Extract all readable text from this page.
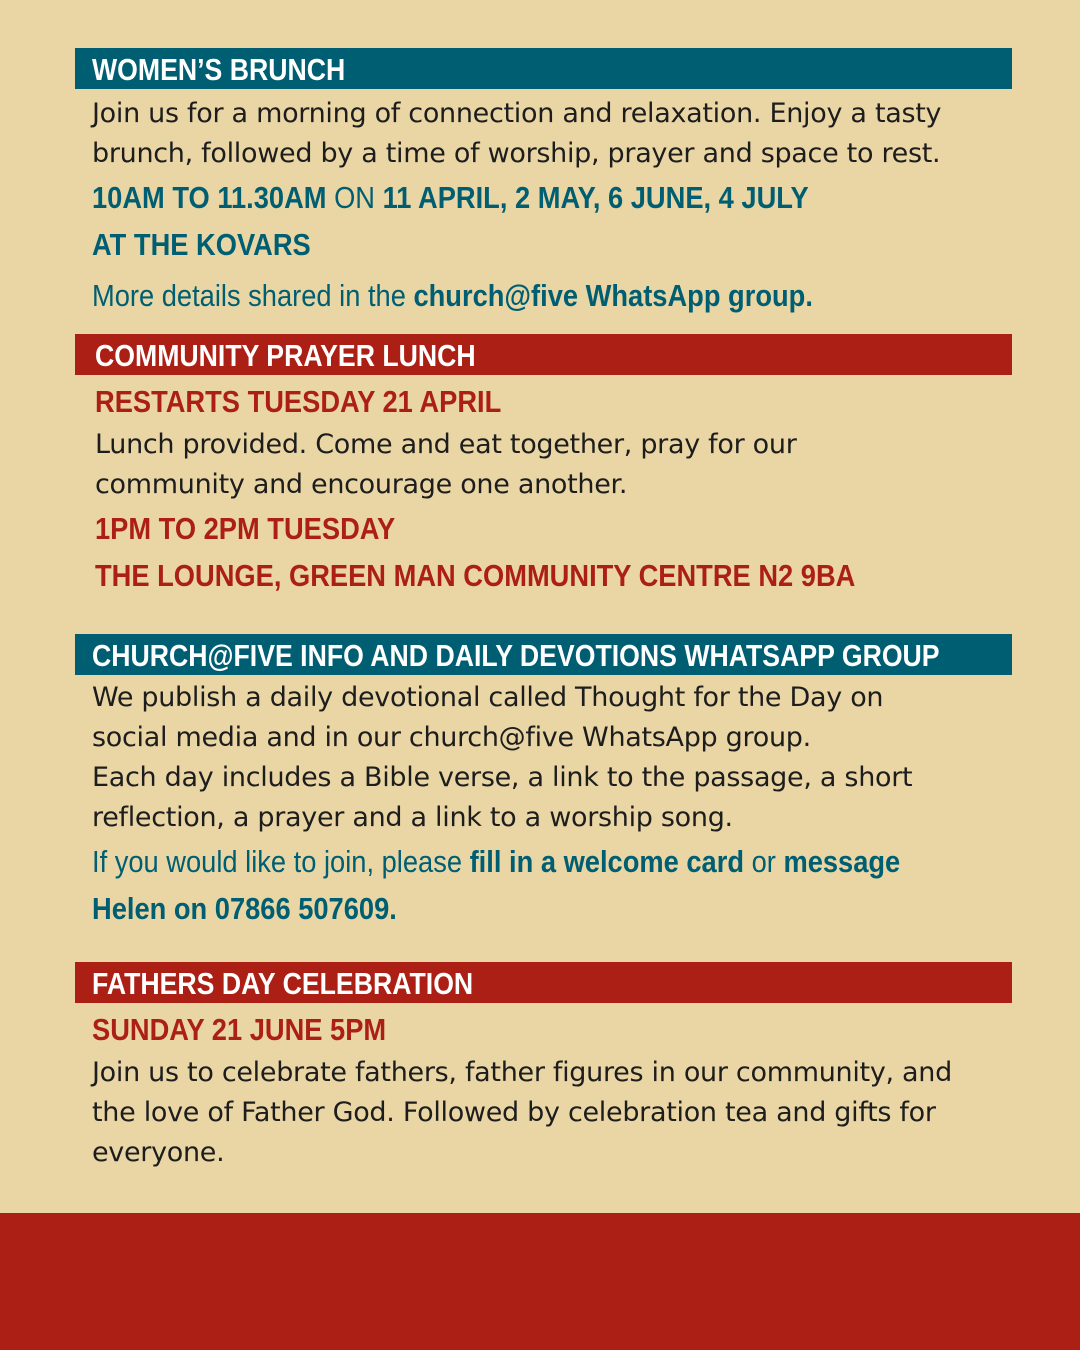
WOMEN’S BRUNCH
Join us for a morning of connection and relaxation. Enjoy a tasty
brunch, followed by a time of worship, prayer and space to rest.
10AM TO 11.30AM ON 11 APRIL, 2 MAY, 6 JUNE, 4 JULY
AT THE KOVARS
More details shared in the church@five WhatsApp group.
COMMUNITY PRAYER LUNCH
RESTARTS TUESDAY 21 APRIL
Lunch provided. Come and eat together, pray for our
community and encourage one another.
1PM TO 2PM TUESDAY
THE LOUNGE, GREEN MAN COMMUNITY CENTRE N2 9BA
CHURCH@FIVE INFO AND DAILY DEVOTIONS WHATSAPP GROUP
We publish a daily devotional called Thought for the Day on
social media and in our church@five WhatsApp group.
Each day includes a Bible verse, a link to the passage, a short
reflection, a prayer and a link to a worship song.
If you would like to join, please fill in a welcome card or message
Helen on 07866 507609.
FATHERS DAY CELEBRATION
SUNDAY 21 JUNE 5PM
Join us to celebrate fathers, father figures in our community, and
the love of Father God. Followed by celebration tea and gifts for
everyone.
